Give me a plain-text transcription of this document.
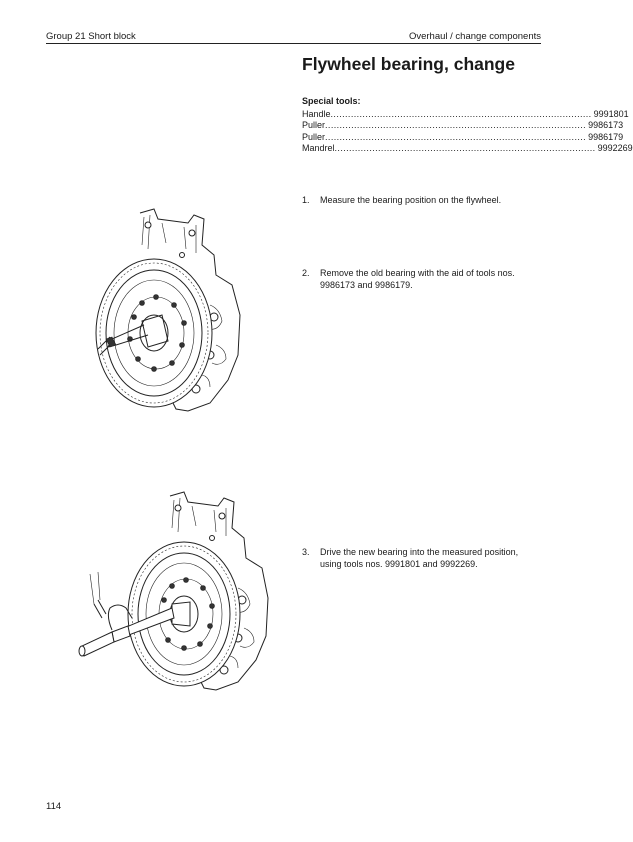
Group 21 Short block	Overhaul / change components
Flywheel bearing, change
Special tools:
Handle .......................................................................................... 9991801
Puller .......................................................................................... 9986173
Puller .......................................................................................... 9986179
Mandrel .......................................................................................... 9992269
1.	Measure the bearing position on the flywheel.
2.	Remove the old bearing with the aid of tools nos. 9986173 and 9986179.
3.	Drive the new bearing into the measured position, using tools nos. 9991801 and 9992269.
114
